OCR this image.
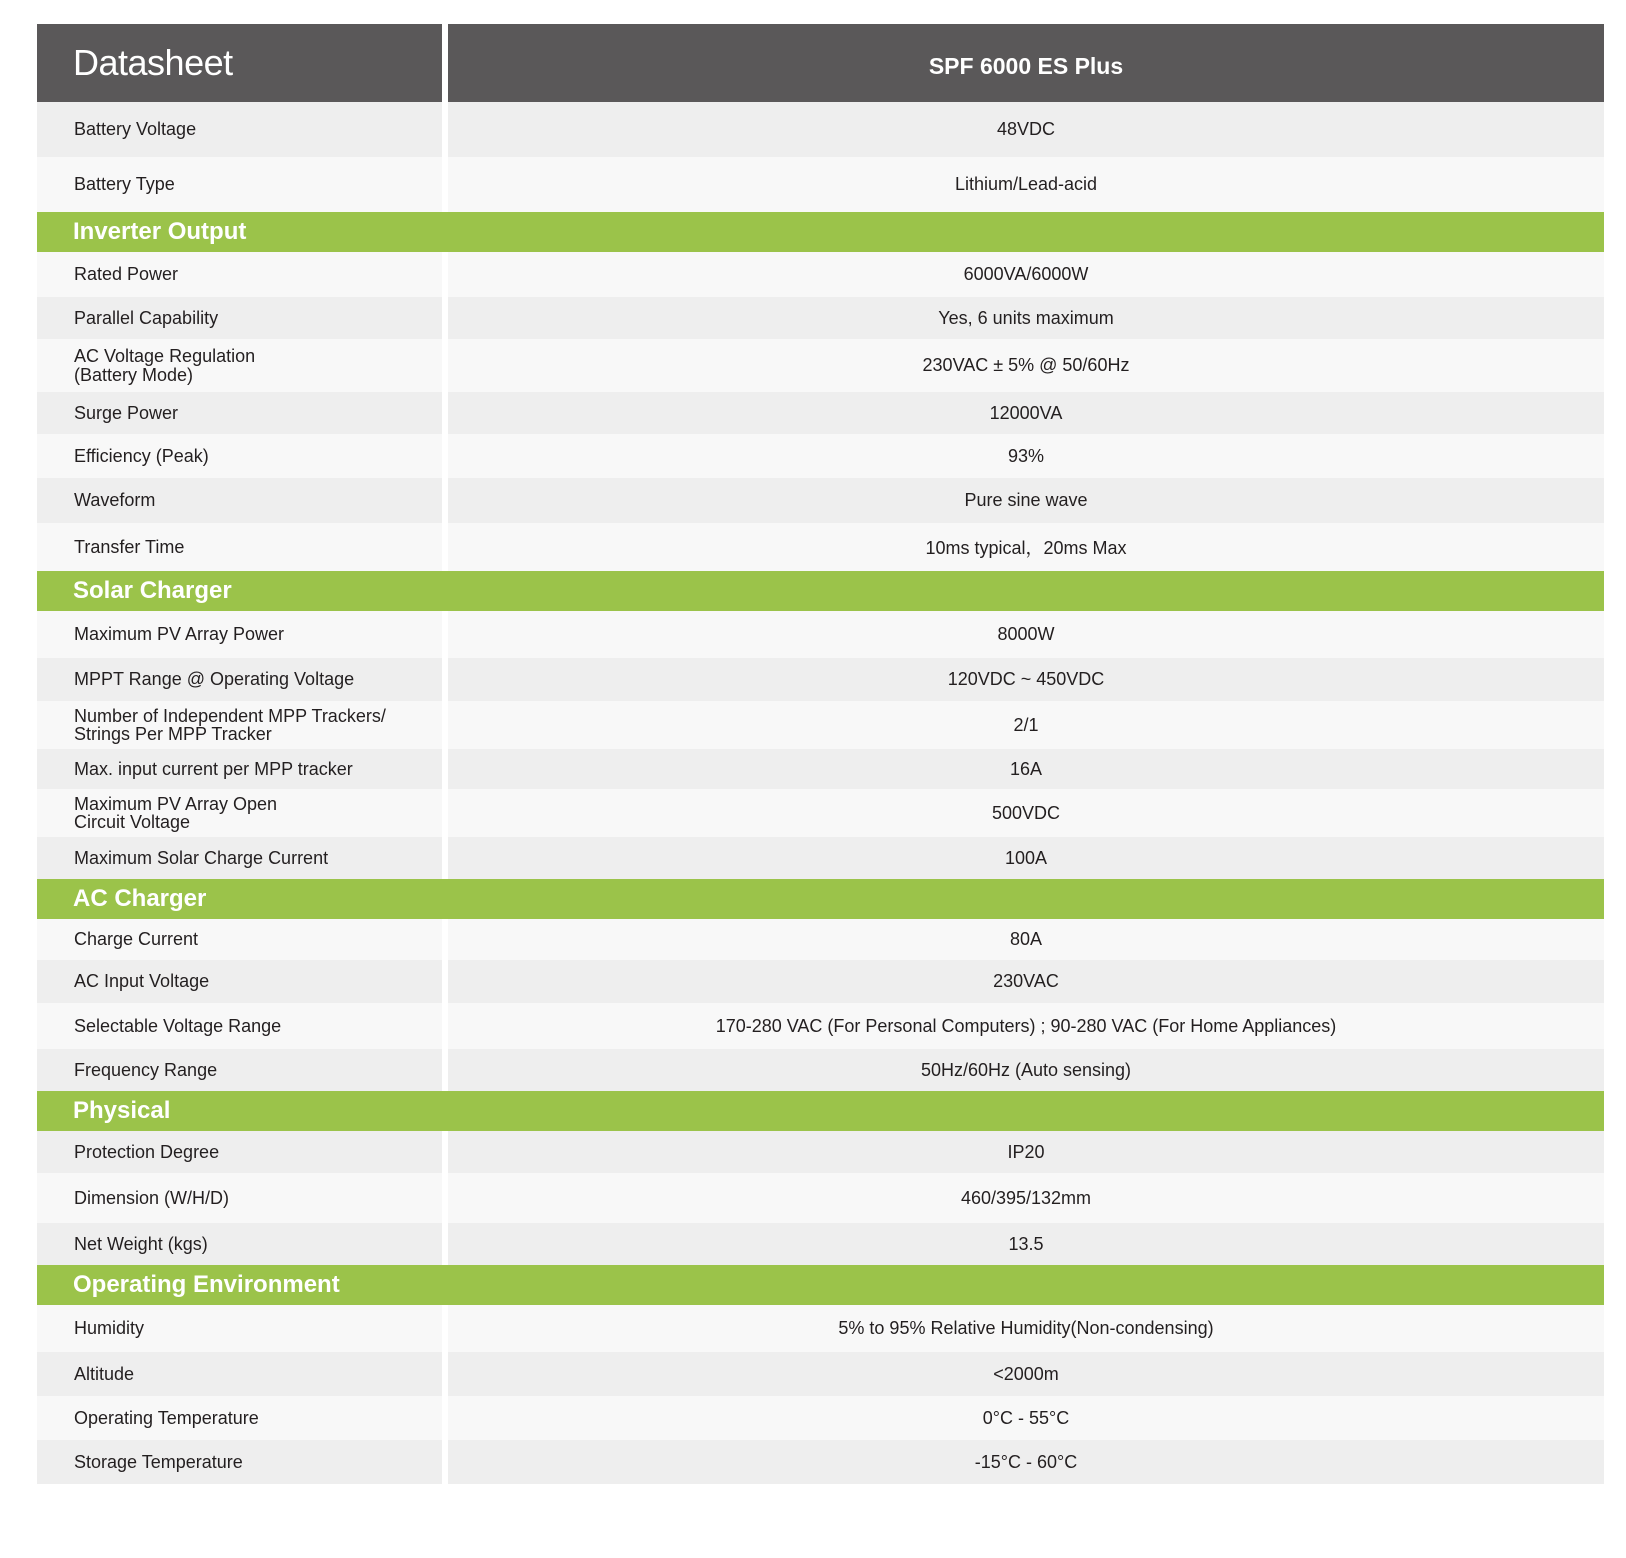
Datasheet	SPF 6000 ES Plus
Battery Voltage	48VDC
Battery Type	Lithium/Lead-acid
Inverter Output
Rated Power	6000VA/6000W
Parallel Capability	Yes, 6 units maximum
AC Voltage Regulation (Battery Mode)	230VAC ± 5% @ 50/60Hz
Surge Power	12000VA
Efficiency (Peak)	93%
Waveform	Pure sine wave
Transfer Time	10ms typical，20ms Max
Solar Charger
Maximum PV Array Power	8000W
MPPT Range @ Operating Voltage	120VDC ~ 450VDC
Number of Independent MPP Trackers/ Strings Per MPP Tracker	2/1
Max. input current per MPP tracker	16A
Maximum PV Array Open Circuit Voltage	500VDC
Maximum Solar Charge Current	100A
AC Charger
Charge Current	80A
AC Input Voltage	230VAC
Selectable Voltage Range	170-280 VAC (For Personal Computers) ; 90-280 VAC (For Home Appliances)
Frequency Range	50Hz/60Hz (Auto sensing)
Physical
Protection Degree	IP20
Dimension (W/H/D)	460/395/132mm
Net Weight (kgs)	13.5
Operating Environment
Humidity	5% to 95% Relative Humidity(Non-condensing)
Altitude	<2000m
Operating Temperature	0°C - 55°C
Storage Temperature	-15°C - 60°C
